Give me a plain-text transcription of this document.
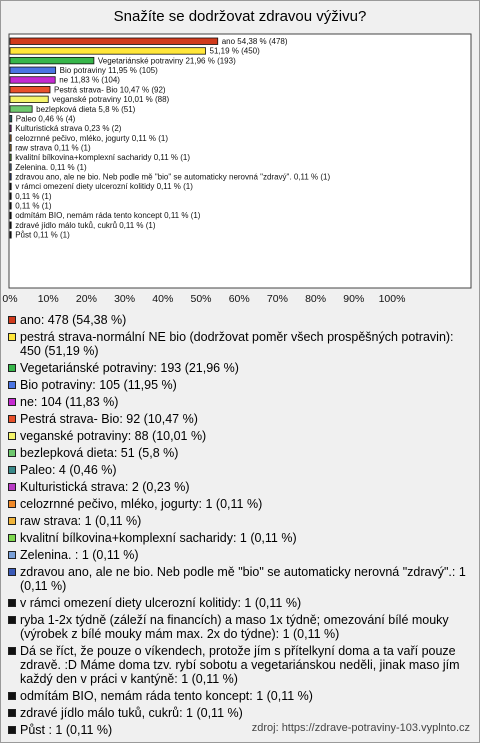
Snažíte se dodržovat zdravou výživu?
ano 54,38 % (478)
51,19 % (450)
Vegetariánské potraviny 21,96 % (193)
Bio potraviny 11,95 % (105)
ne 11,83 % (104)
Pestrá strava- Bio 10,47 % (92)
veganské potraviny 10,01 % (88)
bezlepková dieta 5,8 % (51)
Paleo 0,46 % (4)
Kulturistická strava 0,23 % (2)
celozrnné pečivo, mléko, jogurty 0,11 % (1)
raw strava 0,11 % (1)
kvalitní bílkovina+komplexní sacharidy 0,11 % (1)
Zelenina. 0,11 % (1)
zdravou ano, ale ne bio. Neb podle mě "bio" se automaticky nerovná "zdravý". 0,11 % (1)
v rámci omezení diety ulcerozní kolitidy 0,11 % (1)
0,11 % (1)
0,11 % (1)
odmítám BIO, nemám ráda tento koncept 0,11 % (1)
zdravé jídlo málo tuků, cukrů 0,11 % (1)
Půst 0,11 % (1)
0% 10% 20% 30% 40% 50% 60% 70% 80% 90% 100%
ano: 478 (54,38 %)
pestrá strava-normální NE bio (dodržovat poměr všech prospěšných potravin): 450 (51,19 %)
Vegetariánské potraviny: 193 (21,96 %)
Bio potraviny: 105 (11,95 %)
ne: 104 (11,83 %)
Pestrá strava- Bio: 92 (10,47 %)
veganské potraviny: 88 (10,01 %)
bezlepková dieta: 51 (5,8 %)
Paleo: 4 (0,46 %)
Kulturistická strava: 2 (0,23 %)
celozrnné pečivo, mléko, jogurty: 1 (0,11 %)
raw strava: 1 (0,11 %)
kvalitní bílkovina+komplexní sacharidy: 1 (0,11 %)
Zelenina. : 1 (0,11 %)
zdravou ano, ale ne bio. Neb podle mě "bio" se automaticky nerovná "zdravý".: 1 (0,11 %)
v rámci omezení diety ulcerozní kolitidy: 1 (0,11 %)
ryba 1-2x týdně (záleží na financích) a maso 1x týdně; omezování bílé mouky (výrobek z bílé mouky mám max. 2x do týdne): 1 (0,11 %)
Dá se říct, že pouze o víkendech, protože jím s přítelkyní doma a ta vaří pouze zdravě. :D Máme doma tzv. rybí sobotu a vegetariánskou neděli, jinak maso jím každý den v práci v kantýně: 1 (0,11 %)
odmítám BIO, nemám ráda tento koncept: 1 (0,11 %)
zdravé jídlo málo tuků, cukrů: 1 (0,11 %)
Půst : 1 (0,11 %)	zdroj: https://zdrave-potraviny-103.vyplnto.cz
